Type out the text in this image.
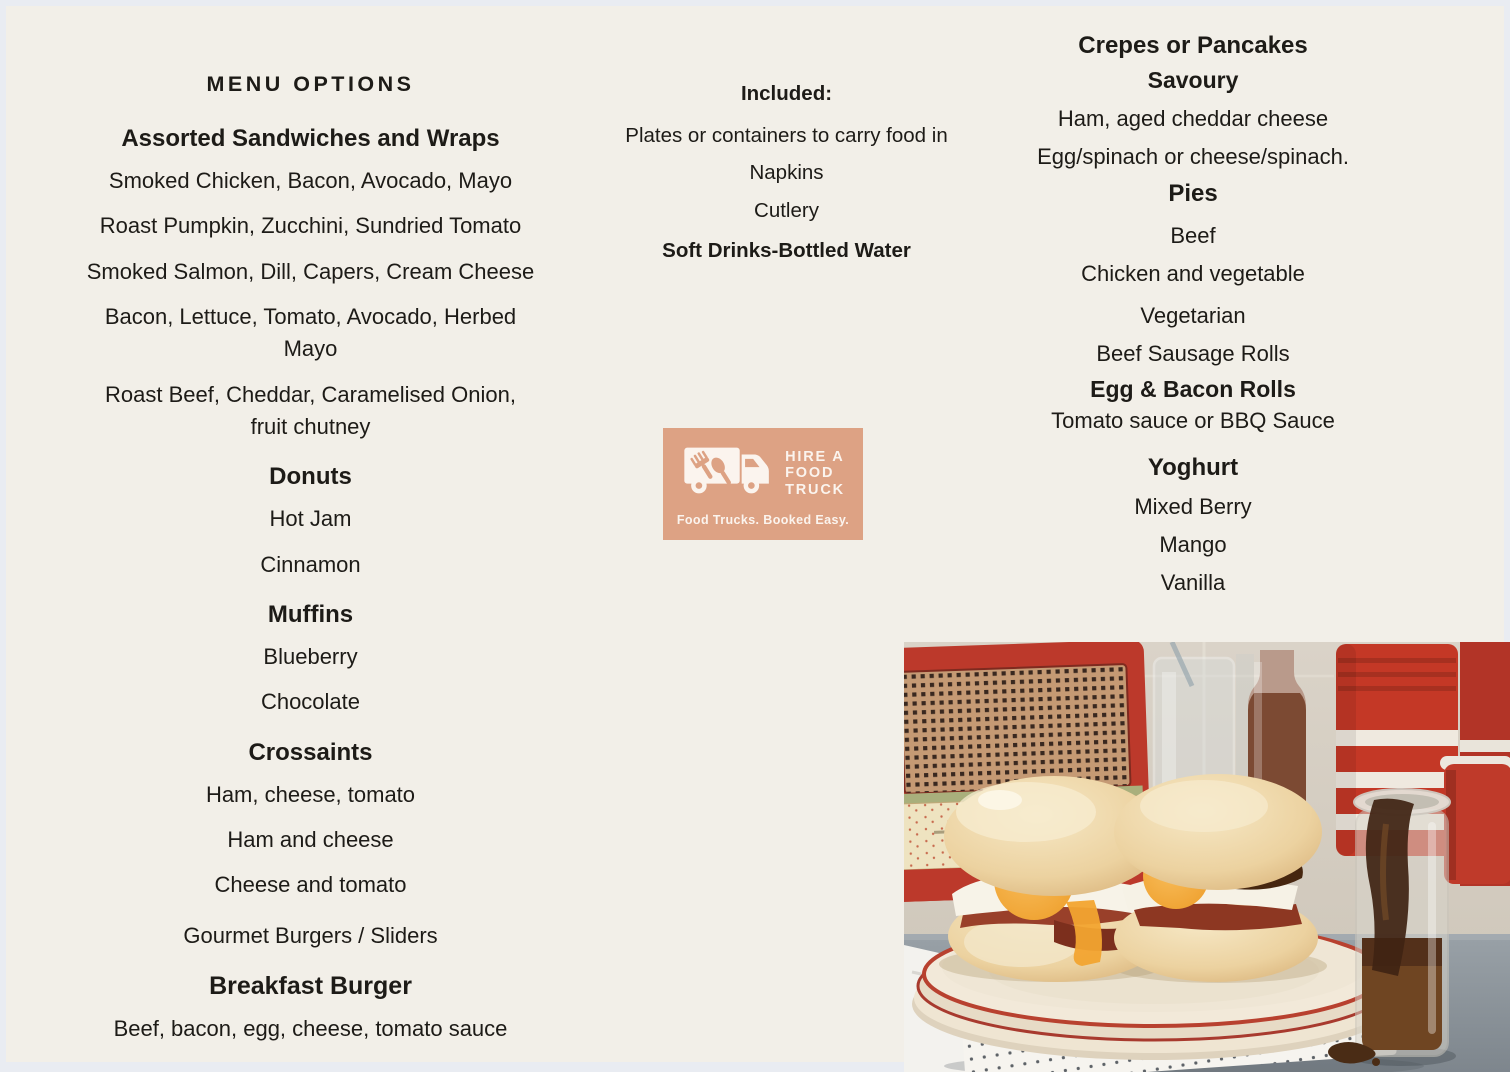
MENU OPTIONS
Assorted Sandwiches and Wraps

Smoked Chicken, Bacon, Avocado, Mayo

Roast Pumpkin, Zucchini, Sundried Tomato

Smoked Salmon, Dill, Capers, Cream Cheese

Bacon, Lettuce, Tomato, Avocado, Herbed Mayo

Roast Beef, Cheddar, Caramelised Onion, fruit chutney

Donuts

Hot Jam

Cinnamon

Muffins

Blueberry

Chocolate

Crossaints

Ham, cheese, tomato

Ham and cheese

Cheese and tomato

Gourmet Burgers / Sliders

Breakfast Burger

Beef, bacon, egg, cheese, tomato sauce

Included:

Plates or containers to carry food in

Napkins

Cutlery

Soft Drinks-Bottled Water

Crepes or Pancakes
Savoury

Ham, aged cheddar cheese

Egg/spinach or cheese/spinach.

Pies

Beef

Chicken and vegetable

Vegetarian

Beef Sausage Rolls

Egg & Bacon Rolls

Tomato sauce or BBQ Sauce

Yoghurt

Mixed Berry

Mango

Vanilla

HIRE A
FOOD
TRUCK
Food Trucks. Booked Easy.
